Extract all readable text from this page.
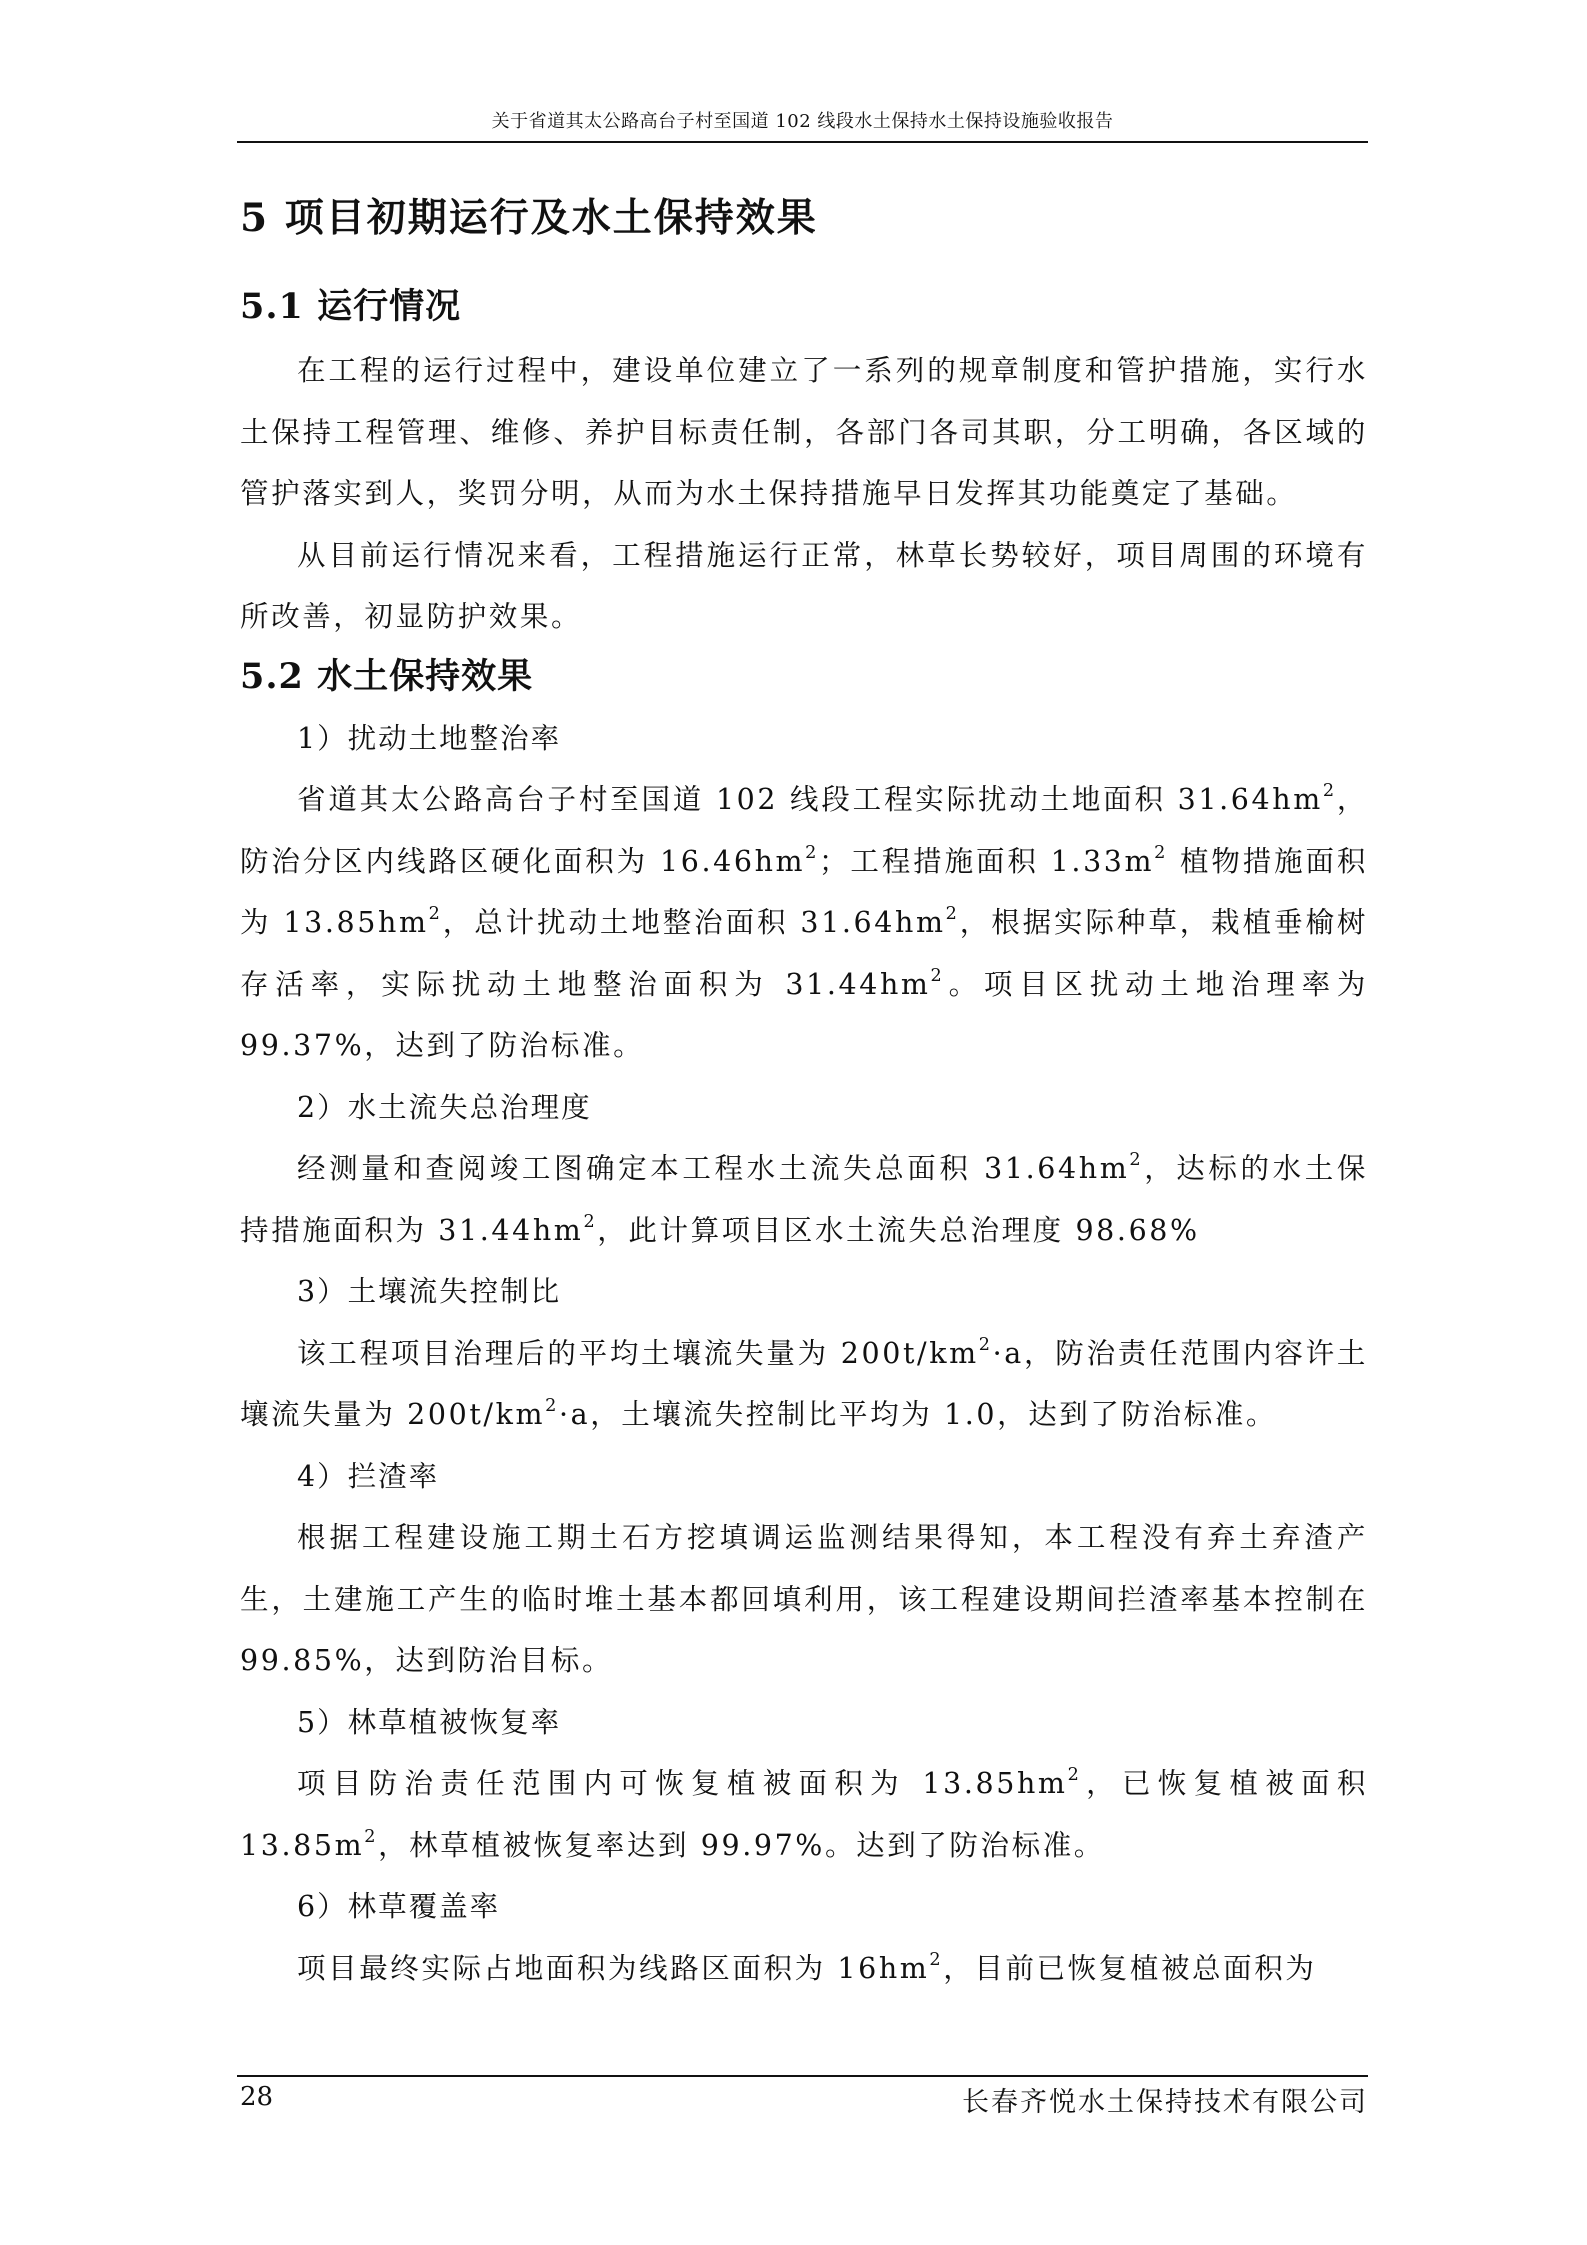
关于省道其太公路高台子村至国道 102 线段水土保持水土保持设施验收报告
5 项目初期运行及水土保持效果
5.1 运行情况

在工程的运行过程中，建设单位建立了一系列的规章制度和管护措施，实行水土保持工程管理、维修、养护目标责任制，各部门各司其职，分工明确，各区域的管护落实到人，奖罚分明，从而为水土保持措施早日发挥其功能奠定了基础。

从目前运行情况来看，工程措施运行正常，林草长势较好，项目周围的环境有所改善，初显防护效果。

5.2 水土保持效果

1）扰动土地整治率

省道其太公路高台子村至国道 102 线段工程实际扰动土地面积 $31.64hm^2$，防治分区内线路区硬化面积为 $16.46hm^2$；工程措施面积 $1.33m^2$ 植物措施面积为 $13.85hm^2$，总计扰动土地整治面积 $31.64hm^2$，根据实际种草，栽植垂榆树存活率，实际扰动土地整治面积为 $31.44hm^2$。项目区扰动土地治理率为 99.37%，达到了防治标准。

2）水土流失总治理度

经测量和查阅竣工图确定本工程水土流失总面积 $31.64hm^2$，达标的水土保持措施面积为 $31.44hm^2$，此计算项目区水土流失总治理度 98.68%

3）土壤流失控制比

该工程项目治理后的平均土壤流失量为 $200t/km^2\cdot a$，防治责任范围内容许土壤流失量为 $200t/km^2\cdot a$，土壤流失控制比平均为 1.0，达到了防治标准。

4）拦渣率

根据工程建设施工期土石方挖填调运监测结果得知，本工程没有弃土弃渣产生，土建施工产生的临时堆土基本都回填利用，该工程建设期间拦渣率基本控制在 99.85%，达到防治目标。

5）林草植被恢复率

项目防治责任范围内可恢复植被面积为 $13.85hm^2$，已恢复植被面积 $13.85m^2$，林草植被恢复率达到 99.97%。达到了防治标准。

6）林草覆盖率

项目最终实际占地面积为线路区面积为 $16hm^2$，目前已恢复植被总面积为

28	长春齐悦水土保持技术有限公司
